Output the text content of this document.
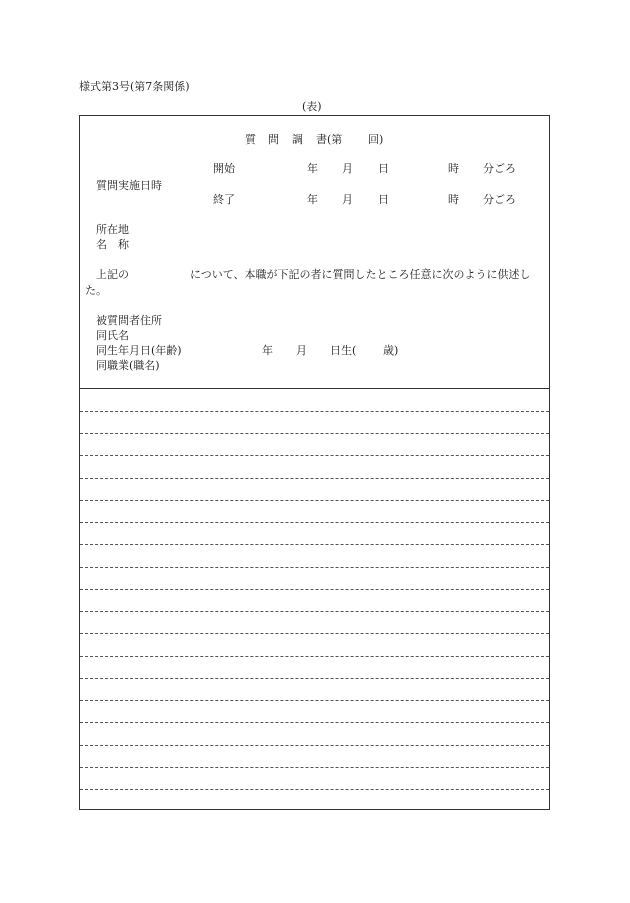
様式第3号(第7条関係)
(表)
質 問 調 書(第 回)
質問実施日時
開始	年 月 日	時 分ごろ
終了	年 月 日	時 分ごろ
所在地
名　称
上記の	について、本職が下記の者に質問したところ任意に次のように供述し
た。
被質問者住所
同氏名
同生年月日(年齢)	年 月 日生( 歳)
同職業(職名)
